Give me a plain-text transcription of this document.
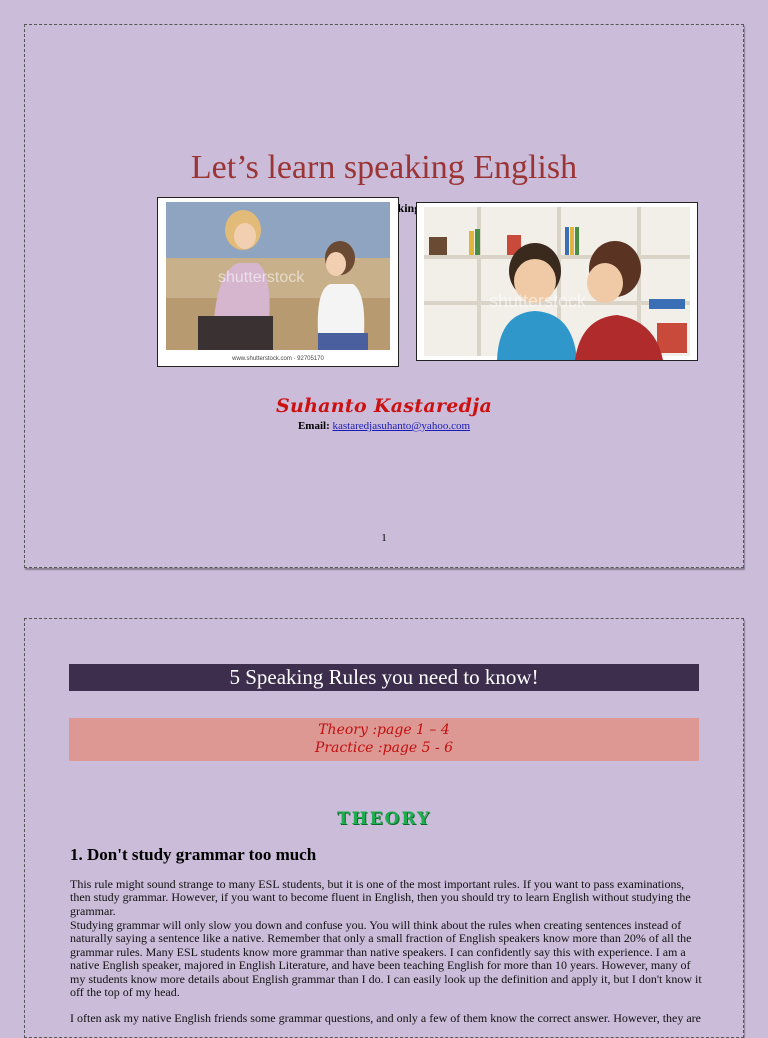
Let’s learn speaking English
http://www.talkenglish.com/Speaking/Basics/Speaking_Basics_I.aspx)
shutterstock
www.shutterstock.com · 92705170
shutterstock
Suhanto Kastaredja
Email: kastaredjasuhanto@yahoo.com
1
5 Speaking Rules you need to know!
Theory :page 1 – 4
Practice :page 5 - 6
THEORY
1. Don't study grammar too much
This rule might sound strange to many ESL students, but it is one of the most important rules. If you want to pass examinations, then study grammar. However, if you want to become fluent in English, then you should try to learn English without studying the grammar.
Studying grammar will only slow you down and confuse you. You will think about the rules when creating sentences instead of naturally saying a sentence like a native. Remember that only a small fraction of English speakers know more than 20% of all the grammar rules. Many ESL students know more grammar than native speakers. I can confidently say this with experience. I am a native English speaker, majored in English Literature, and have been teaching English for more than 10 years. However, many of my students know more details about English grammar than I do. I can easily look up the definition and apply it, but I don't know it off the top of my head.
I often ask my native English friends some grammar questions, and only a few of them know the correct answer. However, they are
